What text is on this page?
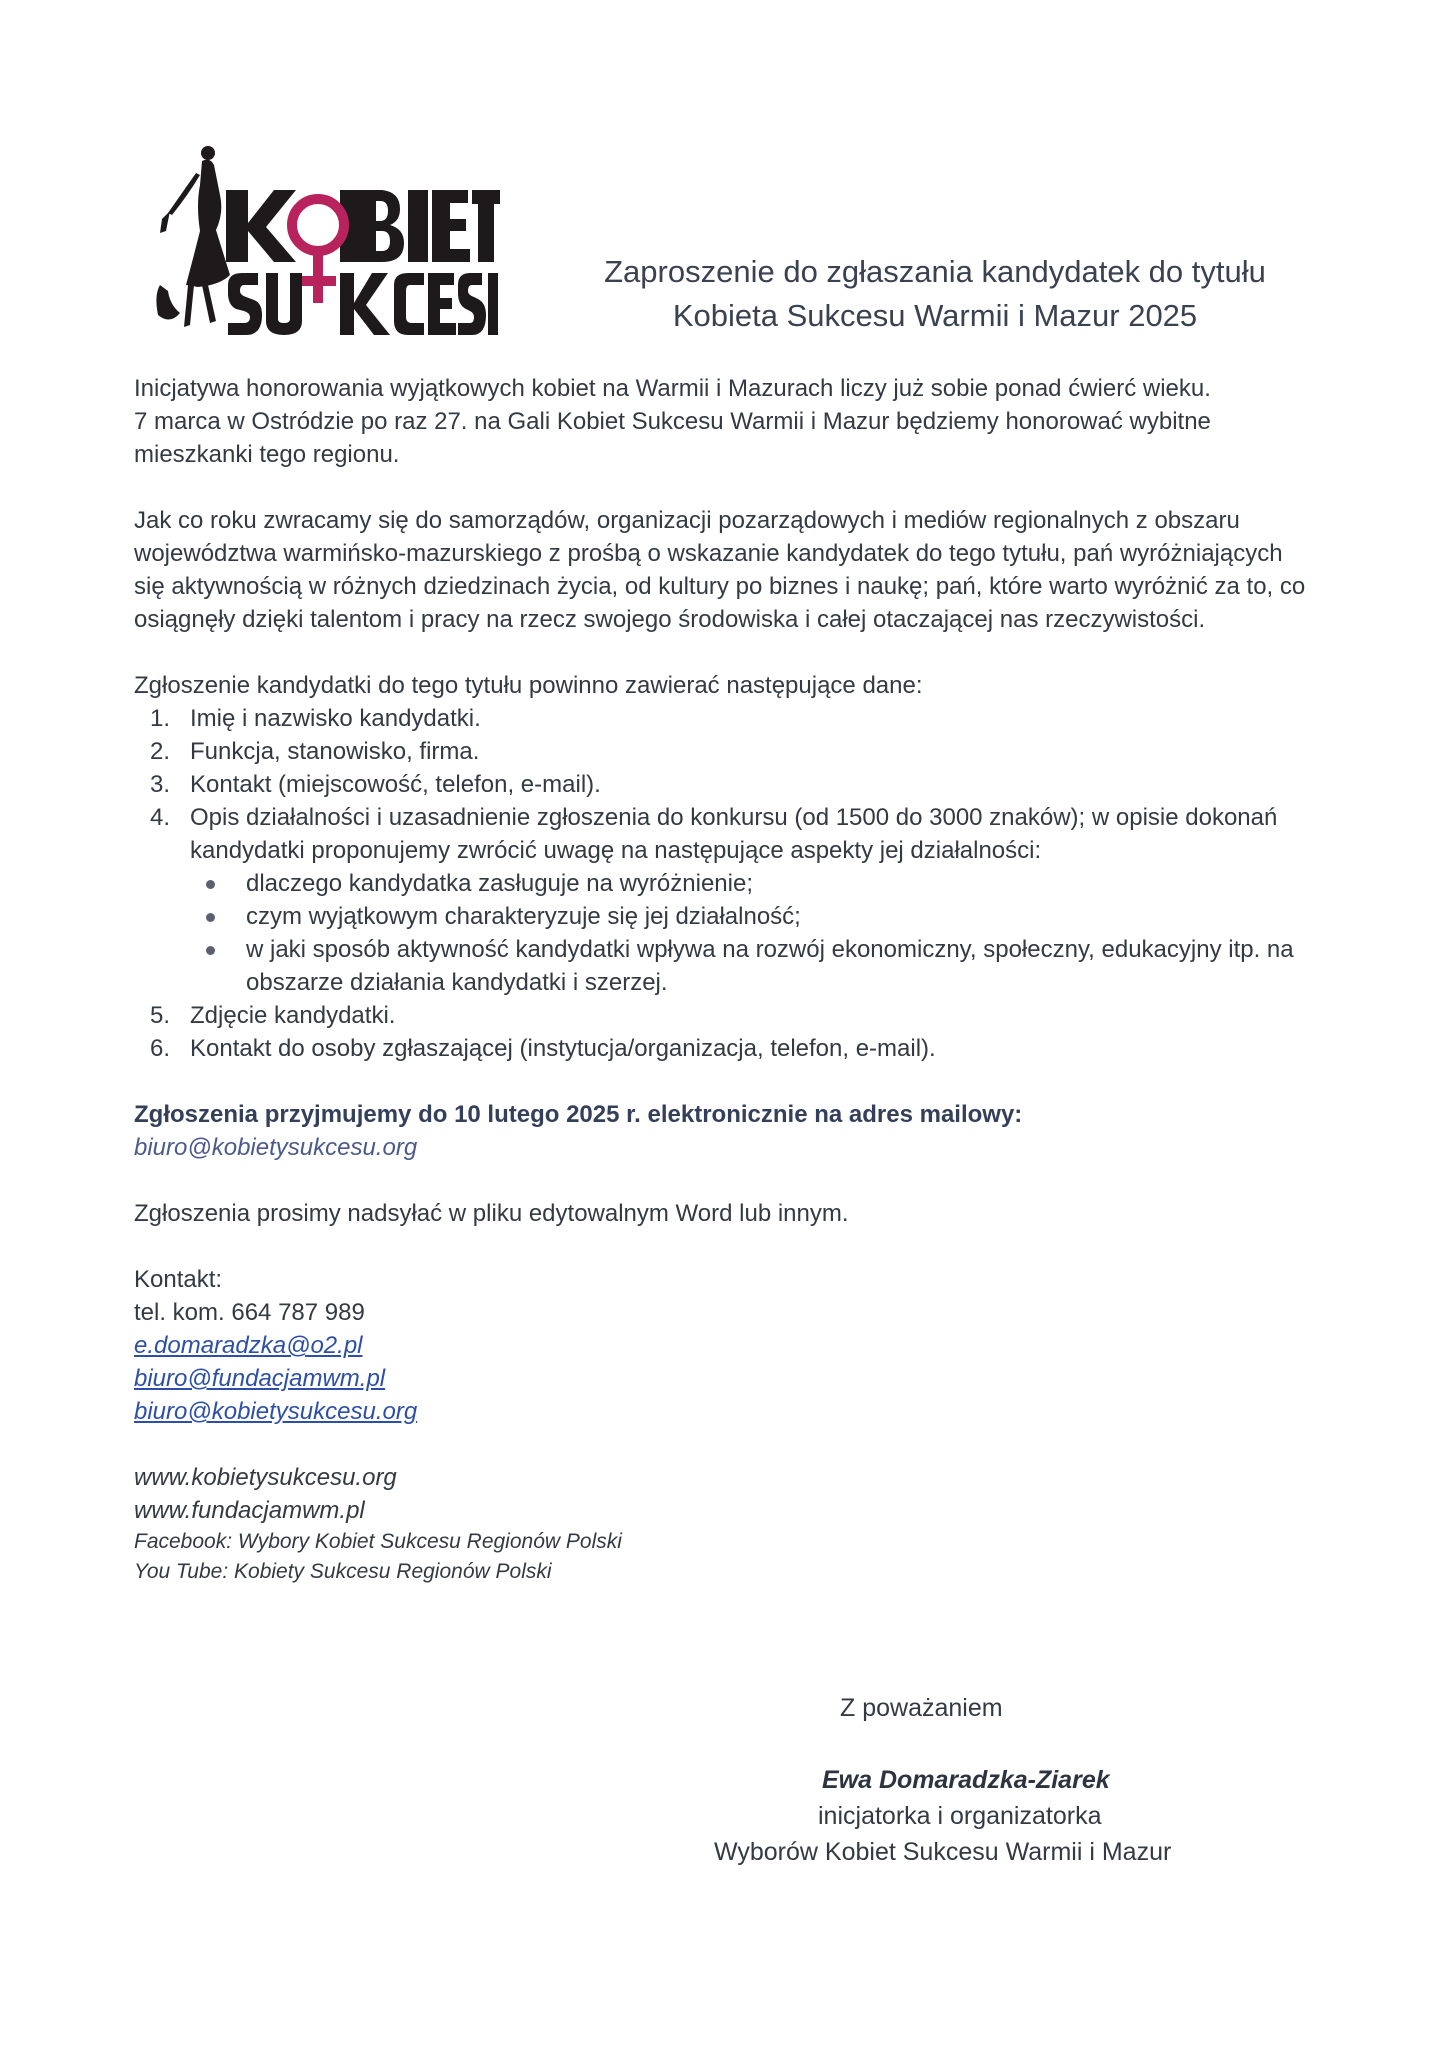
Zaproszenie do zgłaszania kandydatek do tytułu
Kobieta Sukcesu Warmii i Mazur 2025

Inicjatywa honorowania wyjątkowych kobiet na Warmii i Mazurach liczy już sobie ponad ćwierć wieku.

7 marca w Ostródzie po raz 27. na Gali Kobiet Sukcesu Warmii i Mazur będziemy honorować wybitne mieszkanki tego regionu.

Jak co roku zwracamy się do samorządów, organizacji pozarządowych i mediów regionalnych z obszaru województwa warmińsko-mazurskiego z prośbą o wskazanie kandydatek do tego tytułu, pań wyróżniających się aktywnością w różnych dziedzinach życia, od kultury po biznes i naukę; pań, które warto wyróżnić za to, co osiągnęły dzięki talentom i pracy na rzecz swojego środowiska i całej otaczającej nas rzeczywistości.

Zgłoszenie kandydatki do tego tytułu powinno zawierać następujące dane:

1. Imię i nazwisko kandydatki.
2. Funkcja, stanowisko, firma.
3. Kontakt (miejscowość, telefon, e-mail).
4. Opis działalności i uzasadnienie zgłoszenia do konkursu (od 1500 do 3000 znaków); w opisie dokonań kandydatki proponujemy zwrócić uwagę na następujące aspekty jej działalności:
dlaczego kandydatka zasługuje na wyróżnienie;
czym wyjątkowym charakteryzuje się jej działalność;
w jaki sposób aktywność kandydatki wpływa na rozwój ekonomiczny, społeczny, edukacyjny itp. na obszarze działania kandydatki i szerzej.
5. Zdjęcie kandydatki.
6. Kontakt do osoby zgłaszającej (instytucja/organizacja, telefon, e-mail).

Zgłoszenia przyjmujemy do 10 lutego 2025 r. elektronicznie na adres mailowy:

biuro@kobietysukcesu.org

Zgłoszenia prosimy nadsyłać w pliku edytowalnym Word lub innym.

Kontakt:

tel. kom. 664 787 989

e.domaradzka@o2.pl

biuro@fundacjamwm.pl

biuro@kobietysukcesu.org

www.kobietysukcesu.org

www.fundacjamwm.pl

Facebook: Wybory Kobiet Sukcesu Regionów Polski

You Tube: Kobiety Sukcesu Regionów Polski

Z poważaniem
Ewa Domaradzka-Ziarek
inicjatorka i organizatorka
Wyborów Kobiet Sukcesu Warmii i Mazur
